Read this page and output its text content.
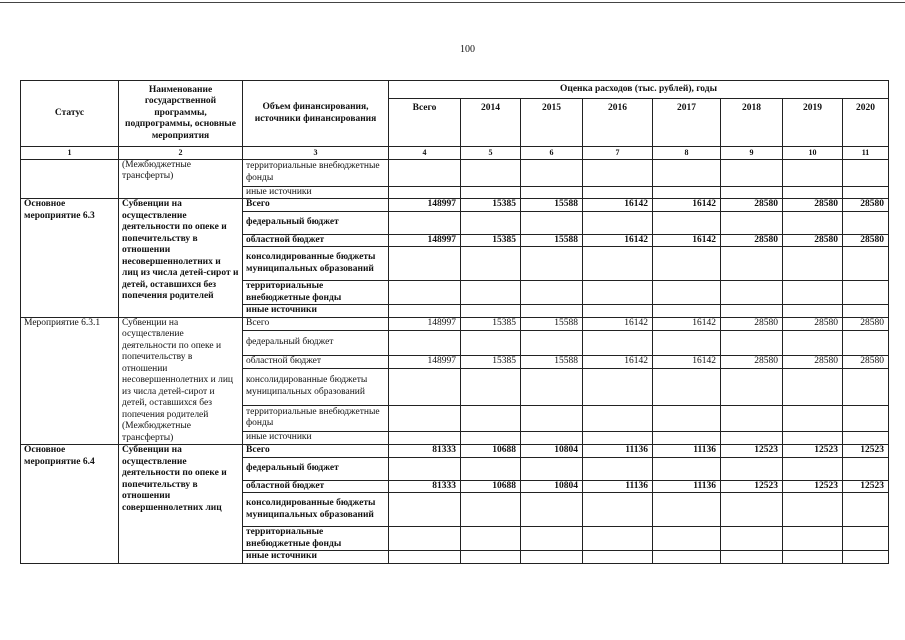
100
Статус	Наименование государственной программы, подпрограммы, основные мероприятия	Объем финансирования, источники финансирования	Оценка расходов (тыс. рублей), годы							
			Всего	2014	2015	2016	2017	2018	2019	2020
1	2	3	4	5	6	7	8	9	10	11
	(Межбюджетные трансферты)	территориальные внебюджетные фонды								
		иные источники								
Основное мероприятие 6.3	Субвенции на осуществление деятельности по опеке и попечительству в отношении несовершеннолетних и лиц из числа детей-сирот и детей, оставшихся без попечения родителей	Всего	148997	15385	15588	16142	16142	28580	28580	28580
		федеральный бюджет								
		областной бюджет	148997	15385	15588	16142	16142	28580	28580	28580
		консолидированные бюджеты муниципальных образований								
		территориальные внебюджетные фонды								
		иные источники								
Мероприятие 6.3.1	Субвенции на осуществление деятельности по опеке и попечительству в отношении несовершеннолетних и лиц из числа детей-сирот и детей, оставшихся без попечения родителей (Межбюджетные трансферты)	Всего	148997	15385	15588	16142	16142	28580	28580	28580
		федеральный бюджет								
		областной бюджет	148997	15385	15588	16142	16142	28580	28580	28580
		консолидированные бюджеты муниципальных образований								
		территориальные внебюджетные фонды								
		иные источники								
Основное мероприятие 6.4	Субвенции на осуществление деятельности по опеке и попечительству в отношении совершеннолетних лиц	Всего	81333	10688	10804	11136	11136	12523	12523	12523
		федеральный бюджет								
		областной бюджет	81333	10688	10804	11136	11136	12523	12523	12523
		консолидированные бюджеты муниципальных образований								
		территориальные внебюджетные фонды								
		иные источники								
